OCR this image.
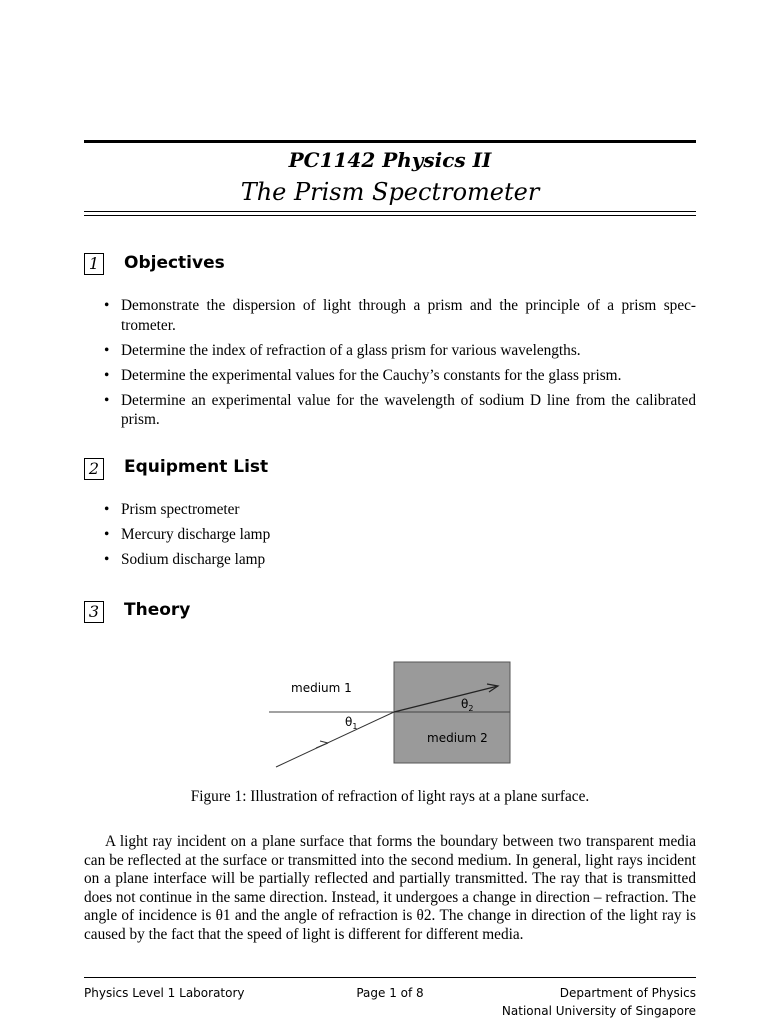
PC1142 Physics II
The Prism Spectrometer
1 Objectives
• Demonstrate the dispersion of light through a prism and the principle of a prism spec-trometer.
• Determine the index of refraction of a glass prism for various wavelengths.
• Determine the experimental values for the Cauchy’s constants for the glass prism.
• Determine an experimental value for the wavelength of sodium D line from the calibrated prism.
2 Equipment List
• Prism spectrometer
• Mercury discharge lamp
• Sodium discharge lamp
3 Theory
medium 1
medium 2
$\theta_1$
$\theta_2$
Figure 1: Illustration of refraction of light rays at a plane surface.
A light ray incident on a plane surface that forms the boundary between two transparent media can be reflected at the surface or transmitted into the second medium. In general, light rays incident on a plane interface will be partially reflected and partially transmitted. The ray that is transmitted does not continue in the same direction. Instead, it undergoes a change in direction – refraction. The angle of incidence is θ1 and the angle of refraction is θ2. The change in direction of the light ray is caused by the fact that the speed of light is different for different media.
Physics Level 1 Laboratory	Page 1 of 8	Department of Physics
National University of Singapore
